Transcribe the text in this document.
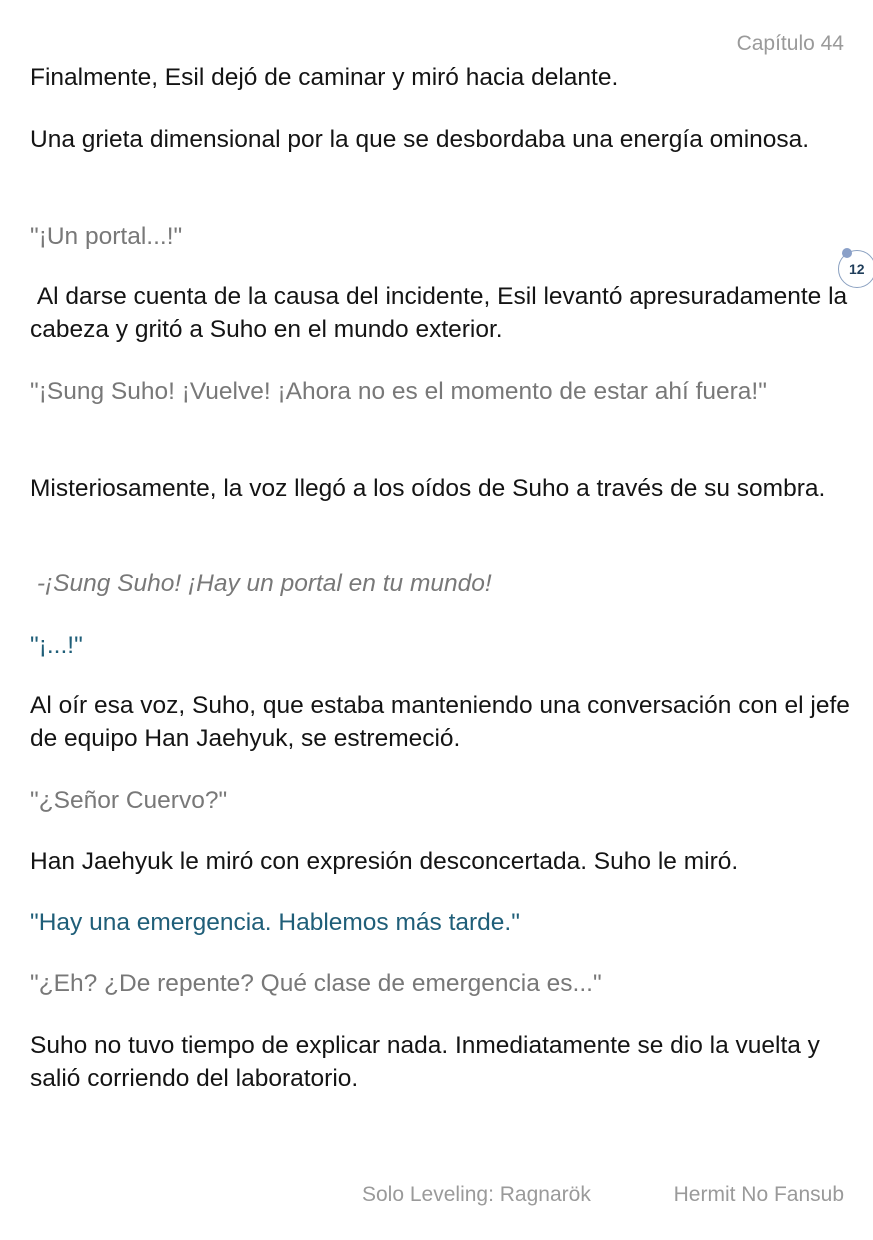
Capítulo 44

Finalmente, Esil dejó de caminar y miró hacia delante.

Una grieta dimensional por la que se desbordaba una energía ominosa.

"¡Un portal...!"

Al darse cuenta de la causa del incidente, Esil levantó apresuradamente la cabeza y gritó a Suho en el mundo exterior.

"¡Sung Suho! ¡Vuelve! ¡Ahora no es el momento de estar ahí fuera!"

Misteriosamente, la voz llegó a los oídos de Suho a través de su sombra.

-¡Sung Suho! ¡Hay un portal en tu mundo!

"¡...!"

Al oír esa voz, Suho, que estaba manteniendo una conversación con el jefe de equipo Han Jaehyuk, se estremeció.

"¿Señor Cuervo?"

Han Jaehyuk le miró con expresión desconcertada. Suho le miró.

"Hay una emergencia. Hablemos más tarde."

"¿Eh? ¿De repente? Qué clase de emergencia es..."

Suho no tuvo tiempo de explicar nada. Inmediatamente se dio la vuelta y salió corriendo del laboratorio.

12
Solo Leveling: Ragnarök	Hermit No Fansub
